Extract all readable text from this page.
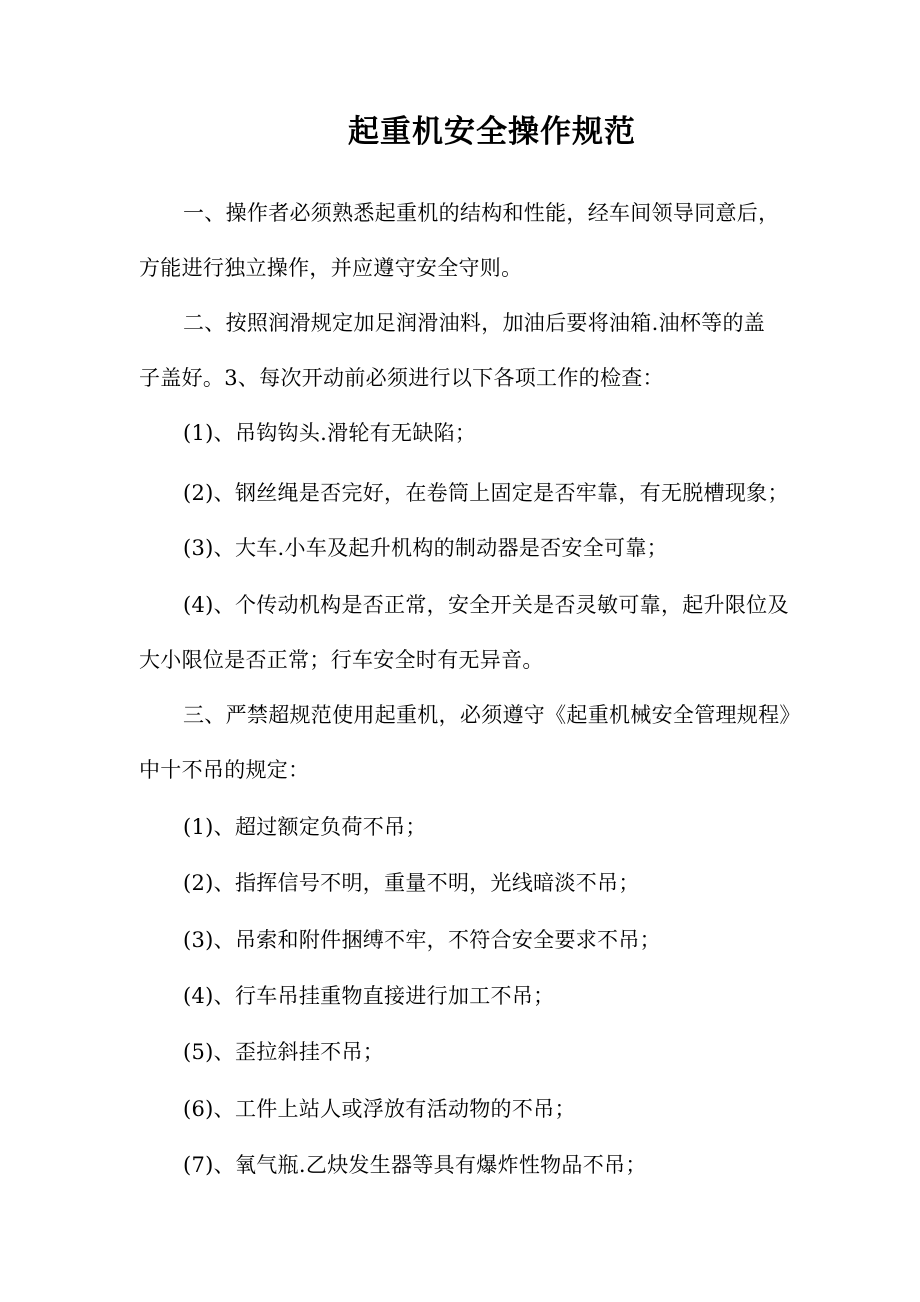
起重机安全操作规范
一、操作者必须熟悉起重机的结构和性能，经车间领导同意后，
方能进行独立操作，并应遵守安全守则。
二、按照润滑规定加足润滑油料，加油后要将油箱.油杯等的盖
子盖好。3、每次开动前必须进行以下各项工作的检查：
(1)、吊钩钩头.滑轮有无缺陷；
(2)、钢丝绳是否完好，在卷筒上固定是否牢靠，有无脱槽现象；
(3)、大车.小车及起升机构的制动器是否安全可靠；
(4)、个传动机构是否正常，安全开关是否灵敏可靠，起升限位及
大小限位是否正常；行车安全时有无异音。
三、严禁超规范使用起重机，必须遵守《起重机械安全管理规程》
中十不吊的规定：
(1)、超过额定负荷不吊；
(2)、指挥信号不明，重量不明，光线暗淡不吊；
(3)、吊索和附件捆缚不牢，不符合安全要求不吊；
(4)、行车吊挂重物直接进行加工不吊；
(5)、歪拉斜挂不吊；
(6)、工件上站人或浮放有活动物的不吊；
(7)、氧气瓶.乙炔发生器等具有爆炸性物品不吊；
